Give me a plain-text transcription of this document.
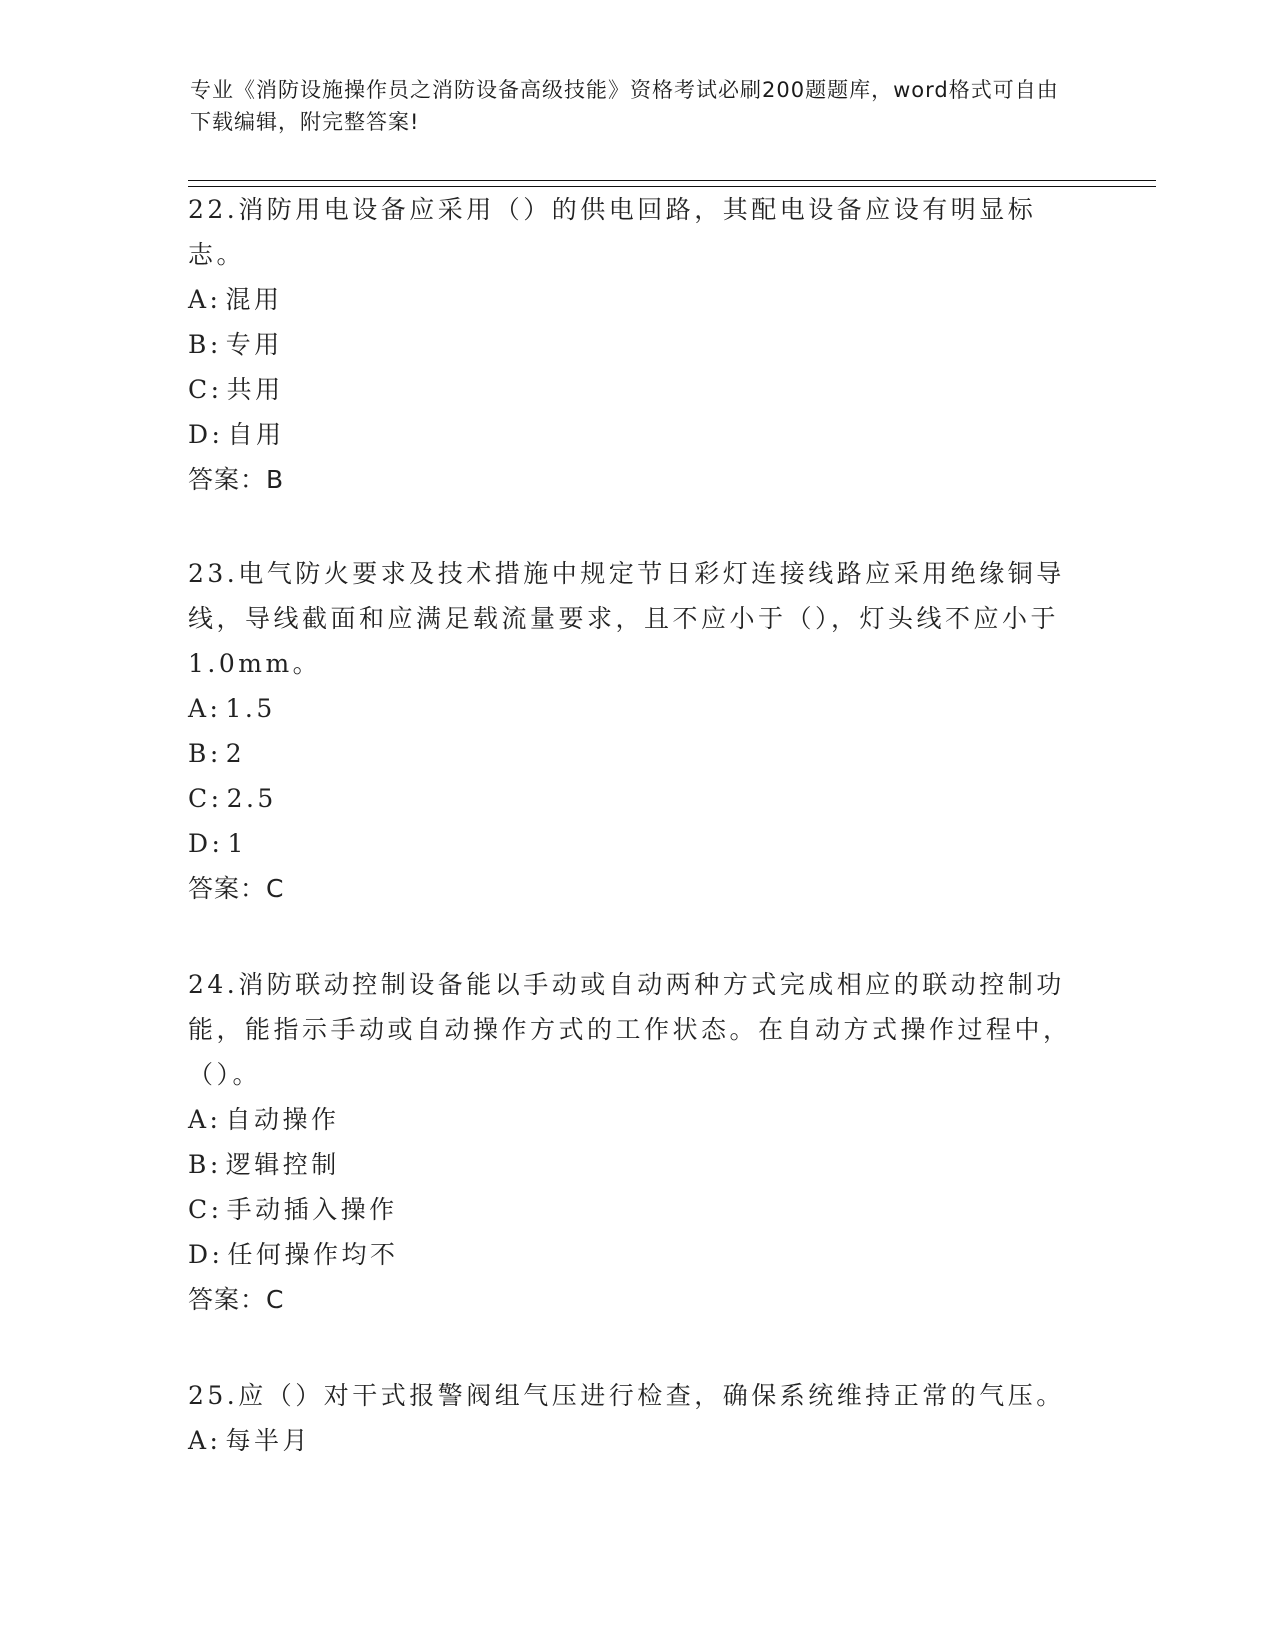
专业《消防设施操作员之消防设备高级技能》资格考试必刷200题题库，word格式可自由下载编辑，附完整答案!

22.消防用电设备应采用（）的供电回路，其配电设备应设有明显标志。

A: 混用

B: 专用

C: 共用

D: 自用

答案：B

23.电气防火要求及技术措施中规定节日彩灯连接线路应采用绝缘铜导线，导线截面和应满足载流量要求，且不应小于（），灯头线不应小于1.0mm。

A: 1.5

B: 2

C: 2.5

D: 1

答案：C

24.消防联动控制设备能以手动或自动两种方式完成相应的联动控制功能，能指示手动或自动操作方式的工作状态。在自动方式操作过程中，（）。

A: 自动操作

B: 逻辑控制

C: 手动插入操作

D: 任何操作均不

答案：C

25.应（）对干式报警阀组气压进行检查，确保系统维持正常的气压。

A: 每半月
